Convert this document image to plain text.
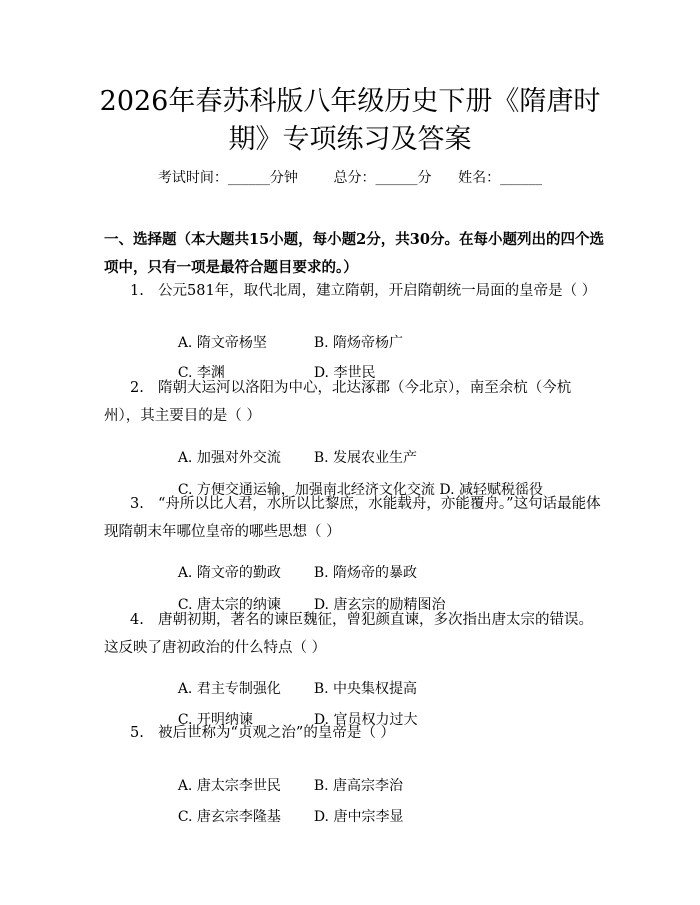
2026年春苏科版八年级历史下册《隋唐时
期》专项练习及答案
考试时间：______分钟	总分：______分 姓名：______
一、选择题（本大题共15小题，每小题2分，共30分。在每小题列出的四个选项中，只有一项是最符合题目要求的。）
1. 公元581年，取代北周，建立隋朝，开启隋朝统一局面的皇帝是（ ）

A. 隋文帝杨坚	B. 隋炀帝杨广

C. 李渊	D. 李世民

2. 隋朝大运河以洛阳为中心，北达涿郡（今北京），南至余杭（今杭州），其主要目的是（ ）

A. 加强对外交流 B. 发展农业生产

C. 方便交通运输，加强南北经济文化交流 D. 减轻赋税徭役

3. “舟所以比人君，水所以比黎庶，水能载舟，亦能覆舟。”这句话最能体现隋朝末年哪位皇帝的哪些思想（ ）

A. 隋文帝的勤政 B. 隋炀帝的暴政

C. 唐太宗的纳谏 D. 唐玄宗的励精图治

4. 唐朝初期，著名的谏臣魏征，曾犯颜直谏，多次指出唐太宗的错误。这反映了唐初政治的什么特点（ ）

A. 君主专制强化 B. 中央集权提高

C. 开明纳谏	D. 官员权力过大

5. 被后世称为“贞观之治”的皇帝是（ ）

A. 唐太宗李世民 B. 唐高宗李治

C. 唐玄宗李隆基 D. 唐中宗李显
